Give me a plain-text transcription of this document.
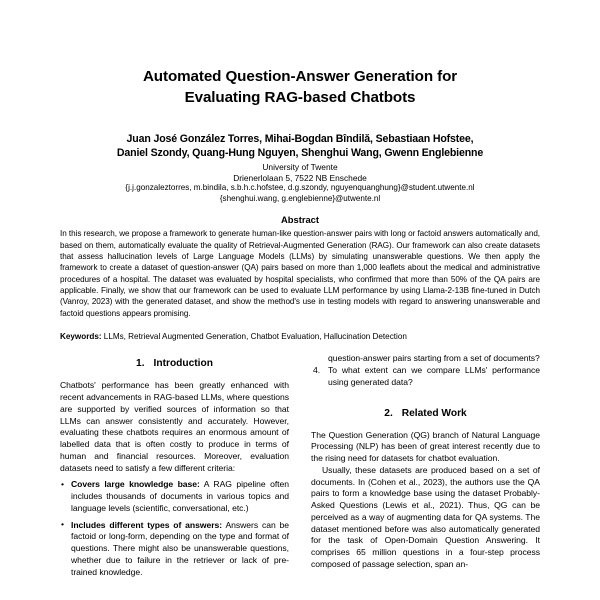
Automated Question-Answer Generation for
Evaluating RAG-based Chatbots
Juan José González Torres, Mihai-Bogdan Bîndilă, Sebastiaan Hofstee,
Daniel Szondy, Quang-Hung Nguyen, Shenghui Wang, Gwenn Englebienne
University of Twente
Drienerlolaan 5, 7522 NB Enschede
{j.j.gonzaleztorres, m.bindila, s.b.h.c.hofstee, d.g.szondy, nguyenquanghung}@student.utwente.nl
{shenghui.wang, g.englebienne}@utwente.nl
Abstract

In this research, we propose a framework to generate human-like question-answer pairs with long or factoid answers automatically and, based on them, automatically evaluate the quality of Retrieval-Augmented Generation (RAG). Our framework can also create datasets that assess hallucination levels of Large Language Models (LLMs) by simulating unanswerable questions. We then apply the framework to create a dataset of question-answer (QA) pairs based on more than 1,000 leaflets about the medical and administrative procedures of a hospital. The dataset was evaluated by hospital specialists, who confirmed that more than 50% of the QA pairs are applicable. Finally, we show that our framework can be used to evaluate LLM performance by using Llama-2-13B fine-tuned in Dutch (Vanroy, 2023) with the generated dataset, and show the method's use in testing models with regard to answering unanswerable and factoid questions appears promising.

Keywords: LLMs, Retrieval Augmented Generation, Chatbot Evaluation, Hallucination Detection

1. Introduction

Chatbots' performance has been greatly enhanced with recent advancements in RAG-based LLMs, where questions are supported by verified sources of information so that LLMs can answer consistently and accurately. However, evaluating these chatbots requires an enormous amount of labelled data that is often costly to produce in terms of human and financial resources. Moreover, evaluation datasets need to satisfy a few different criteria:

• Covers large knowledge base: A RAG pipeline often includes thousands of documents in various topics and language levels (scientific, conversational, etc.)
• Includes different types of answers: Answers can be factoid or long-form, depending on the type and format of questions. There might also be unanswerable questions, whether due to failure in the retriever or lack of pre-trained knowledge.

question-answer pairs starting from a set of documents?

4. To what extent can we compare LLMs' performance using generated data?
2. Related Work

The Question Generation (QG) branch of Natural Language Processing (NLP) has been of great interest recently due to the rising need for datasets for chatbot evaluation.

Usually, these datasets are produced based on a set of documents. In (Cohen et al., 2023), the authors use the QA pairs to form a knowledge base using the dataset Probably-Asked Questions (Lewis et al., 2021). Thus, QG can be perceived as a way of augmenting data for QA systems. The dataset mentioned before was also automatically generated for the task of Open-Domain Question Answering. It comprises 65 million questions in a four-step process composed of passage selection, span an-
